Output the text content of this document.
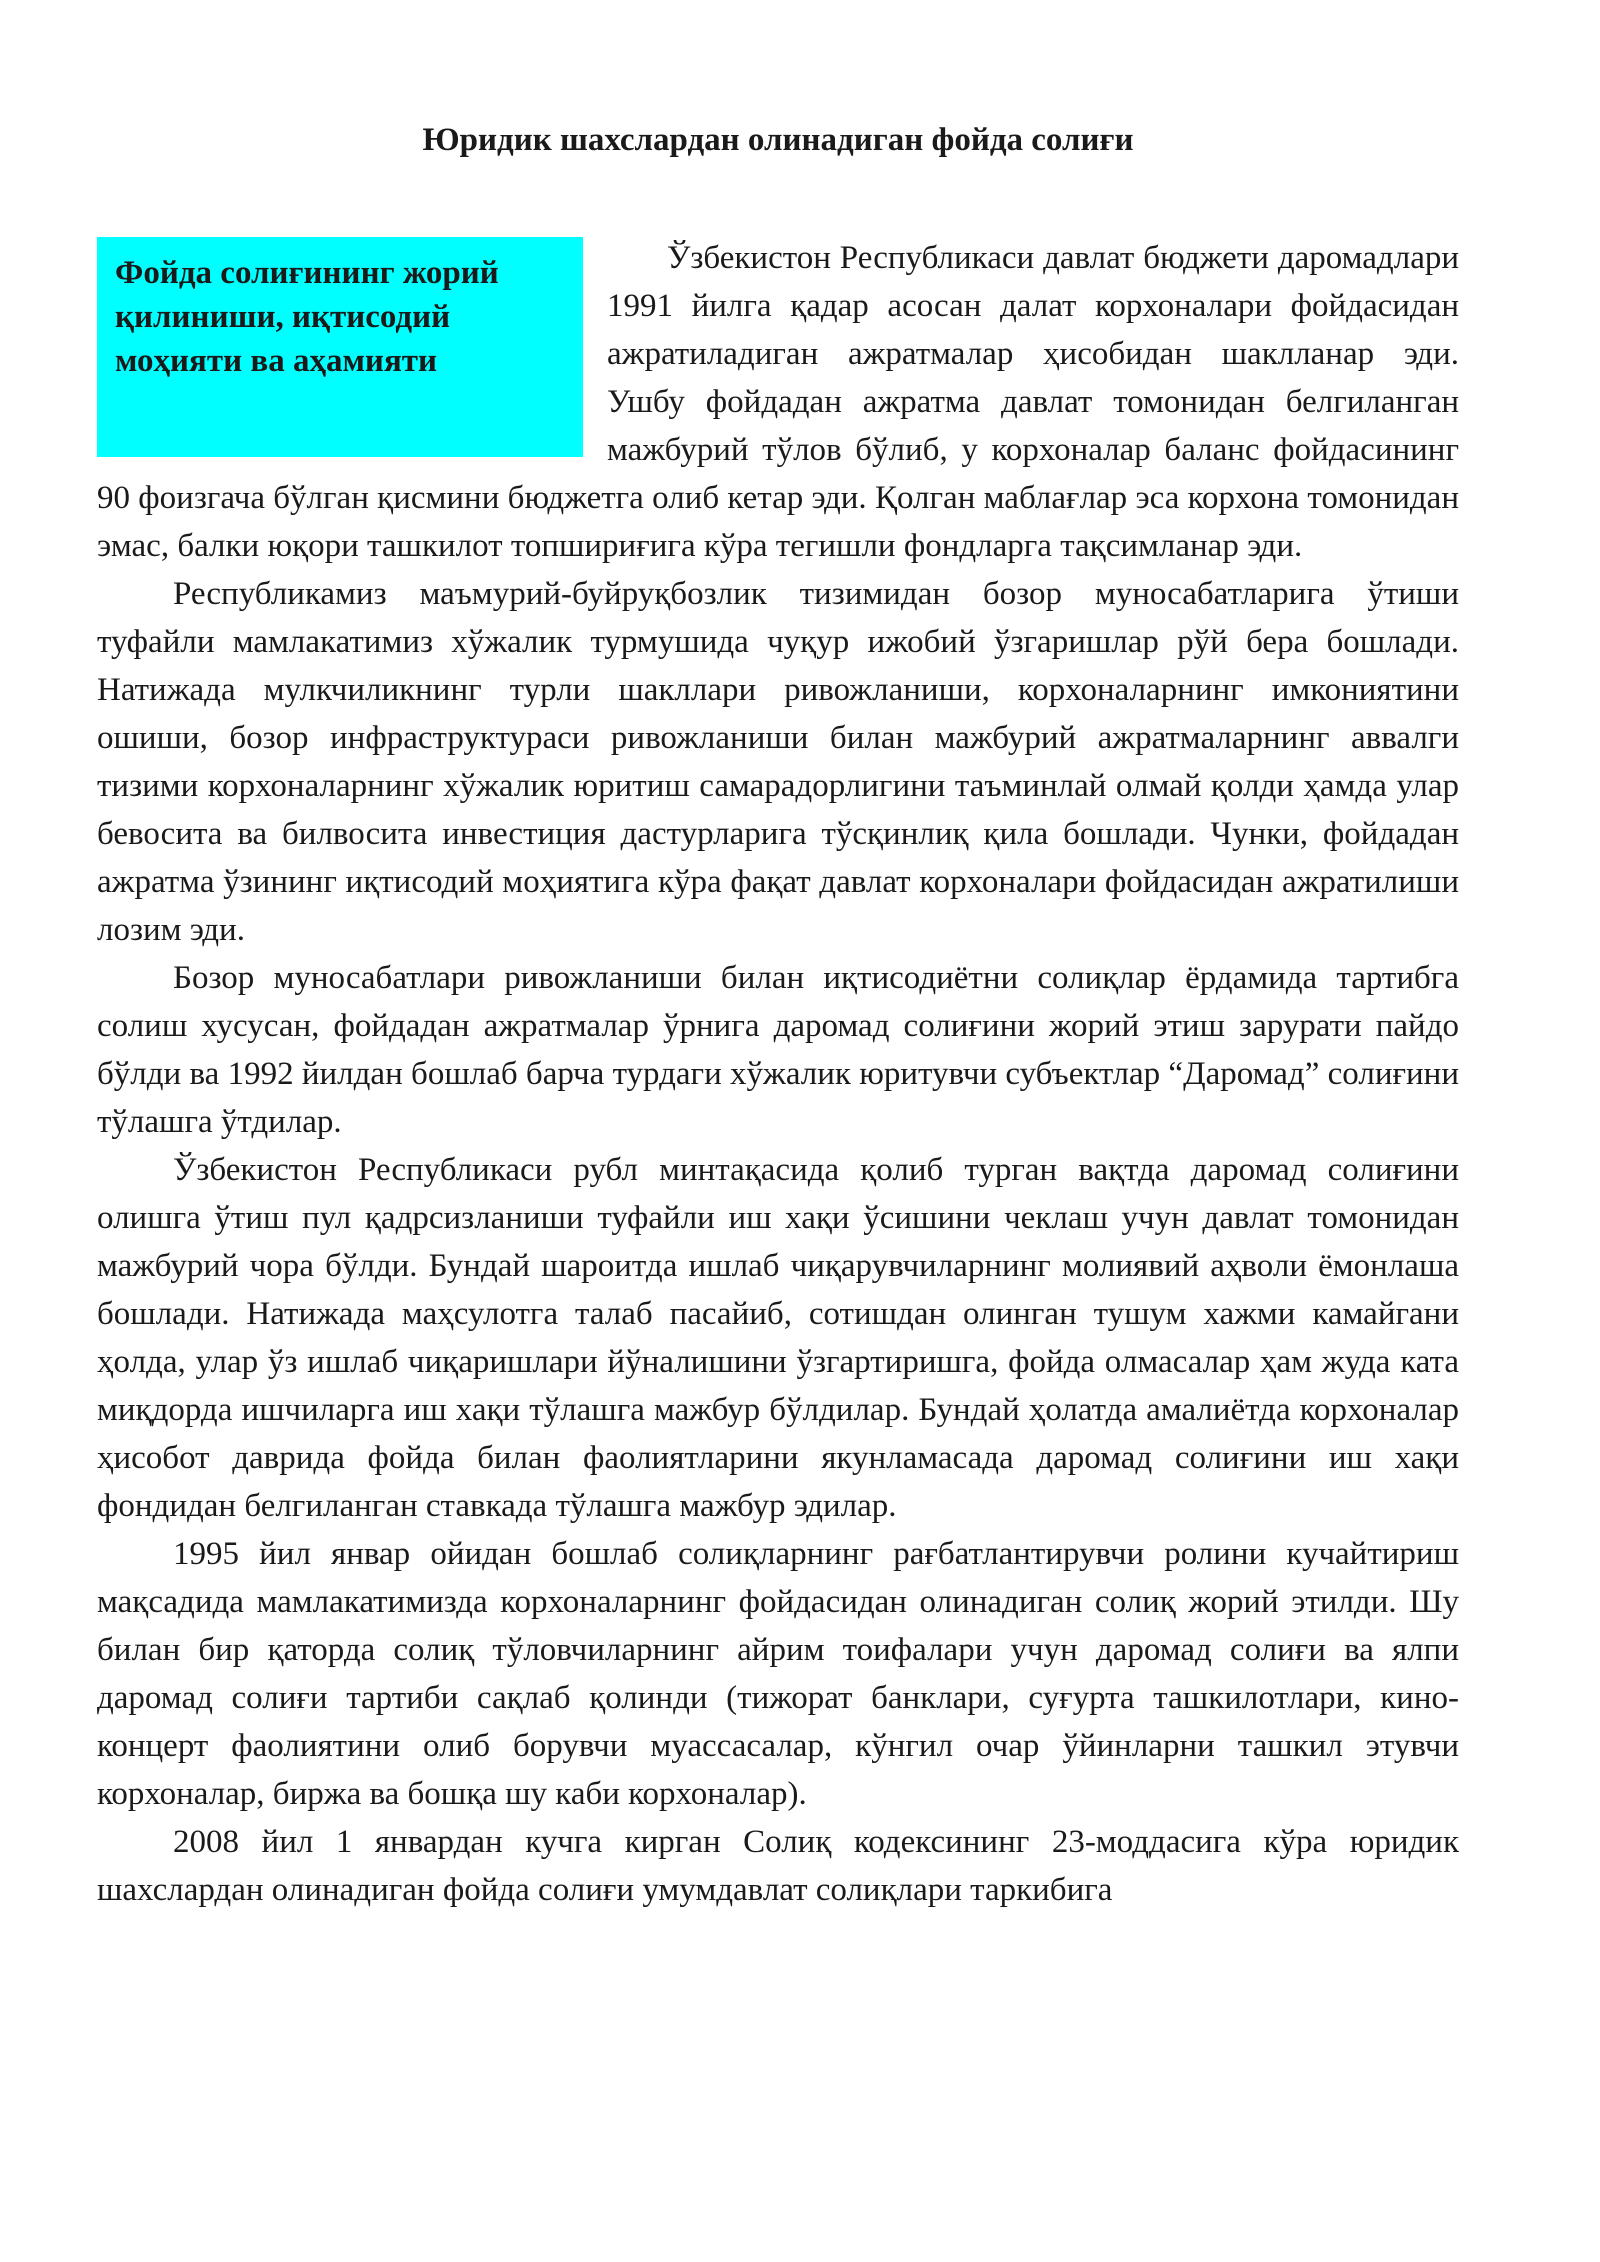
Юридик шахслардан олинадиган фойда солиғи
Фойда солиғининг жорий қилиниши, иқтисодий моҳияти ва аҳамияти

Ўзбекистон Республикаси давлат бюджети даромадлари 1991 йилга қадар асосан далат корхоналари фойдасидан ажратиладиган ажратмалар ҳисобидан шаклланар эди. Ушбу фойдадан ажратма давлат томонидан белгиланган мажбурий тўлов бўлиб, у корхоналар баланс фойдасининг 90 фоизгача бўлган қисмини бюджетга олиб кетар эди. Қолган маблағлар эса корхона томонидан эмас, балки юқори ташкилот топшириғига кўра тегишли фондларга тақсимланар эди.

Республикамиз маъмурий-буйруқбозлик тизимидан бозор муносабатларига ўтиши туфайли мамлакатимиз хўжалик турмушида чуқур ижобий ўзгаришлар рўй бера бошлади. Натижада мулкчиликнинг турли шакллари ривожланиши, корхоналарнинг имкониятини ошиши, бозор инфраструктураси ривожланиши билан мажбурий ажратмаларнинг аввалги тизими корхоналарнинг хўжалик юритиш самарадорлигини таъминлай олмай қолди ҳамда улар бевосита ва билвосита инвестиция дастурларига тўсқинлиқ қила бошлади. Чунки, фойдадан ажратма ўзининг иқтисодий моҳиятига кўра фақат давлат корхоналари фойдасидан ажратилиши лозим эди.

Бозор муносабатлари ривожланиши билан иқтисодиётни солиқлар ёрдамида тартибга солиш хусусан, фойдадан ажратмалар ўрнига даромад солиғини жорий этиш зарурати пайдо бўлди ва 1992 йилдан бошлаб барча турдаги хўжалик юритувчи субъектлар “Даромад” солиғини тўлашга ўтдилар.

Ўзбекистон Республикаси рубл минтақасида қолиб турган вақтда даромад солиғини олишга ўтиш пул қадрсизланиши туфайли иш хақи ўсишини чеклаш учун давлат томонидан мажбурий чора бўлди. Бундай шароитда ишлаб чиқарувчиларнинг молиявий аҳволи ёмонлаша бошлади. Натижада маҳсулотга талаб пасайиб, сотишдан олинган тушум хажми камайгани ҳолда, улар ўз ишлаб чиқаришлари йўналишини ўзгартиришга, фойда олмасалар ҳам жуда ката миқдорда ишчиларга иш хақи тўлашга мажбур бўлдилар. Бундай ҳолатда амалиётда корхоналар ҳисобот даврида фойда билан фаолиятларини якунламасада даромад солиғини иш хақи фондидан белгиланган ставкада тўлашга мажбур эдилар.

1995 йил январ ойидан бошлаб солиқларнинг рағбатлантирувчи ролини кучайтириш мақсадида мамлакатимизда корхоналарнинг фойдасидан олинадиган солиқ жорий этилди. Шу билан бир қаторда солиқ тўловчиларнинг айрим тоифалари учун даромад солиғи ва ялпи даромад солиғи тартиби сақлаб қолинди (тижорат банклари, суғурта ташкилотлари, кино-концерт фаолиятини олиб борувчи муассасалар, кўнгил очар ўйинларни ташкил этувчи корхоналар, биржа ва бошқа шу каби корхоналар).

2008 йил 1 январдан кучга кирган Солиқ кодексининг 23-моддасига кўра юридик шахслардан олинадиган фойда солиғи умумдавлат солиқлари таркибига
